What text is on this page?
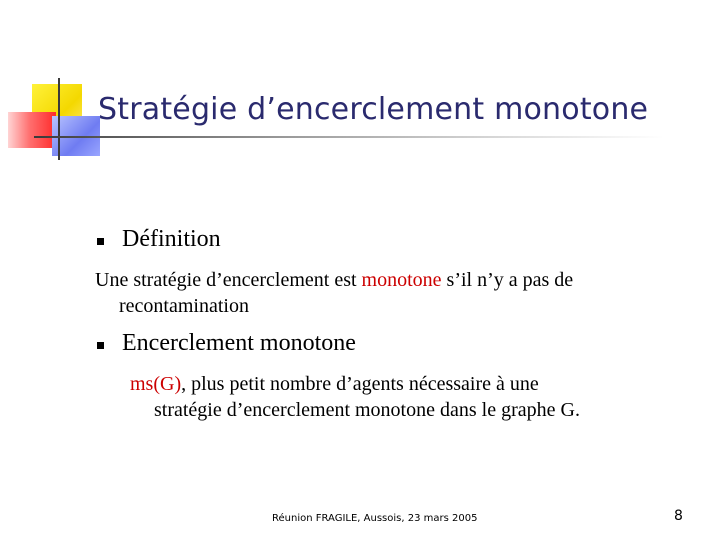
Stratégie d’encerclement monotone
Définition
Une stratégie d’encerclement est monotone s’il n’y a pas de
recontamination
Encerclement monotone
ms(G), plus petit nombre d’agents nécessaire à une
stratégie d’encerclement monotone dans le graphe G.
Réunion FRAGILE, Aussois, 23 mars 2005	8
